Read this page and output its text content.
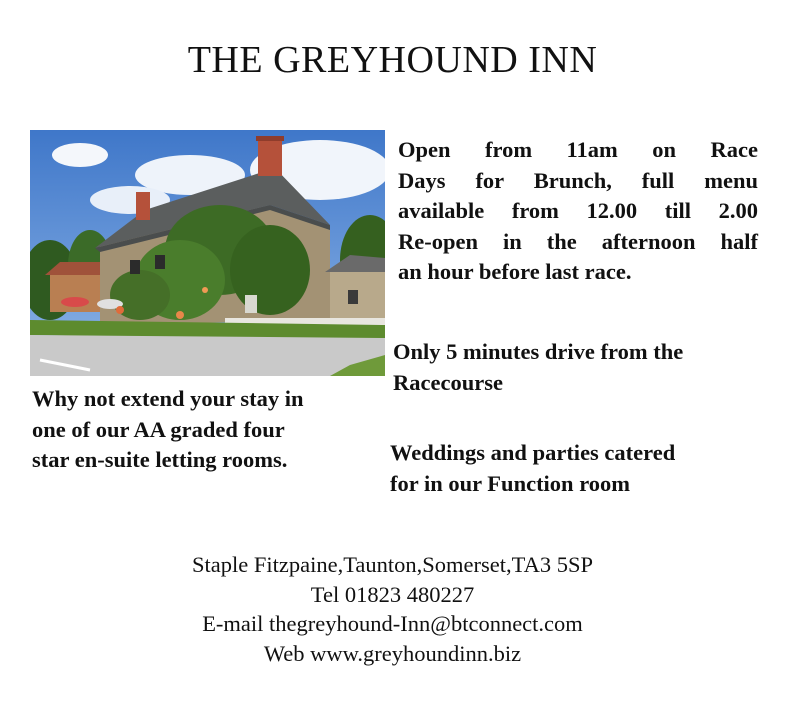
THE GREYHOUND INN
Open from 11am on Race
Days for Brunch, full menu
available from 12.00 till 2.00
Re-open in the afternoon half
an hour before last race.
Only 5 minutes drive from the
Racecourse
Why not extend your stay in
one of our AA graded four
star en-suite letting rooms.	Weddings and parties catered
for in our Function room
Staple Fitzpaine,Taunton,Somerset,TA3 5SP
Tel 01823 480227
E-mail thegreyhound-Inn@btconnect.com
Web www.greyhoundinn.biz
